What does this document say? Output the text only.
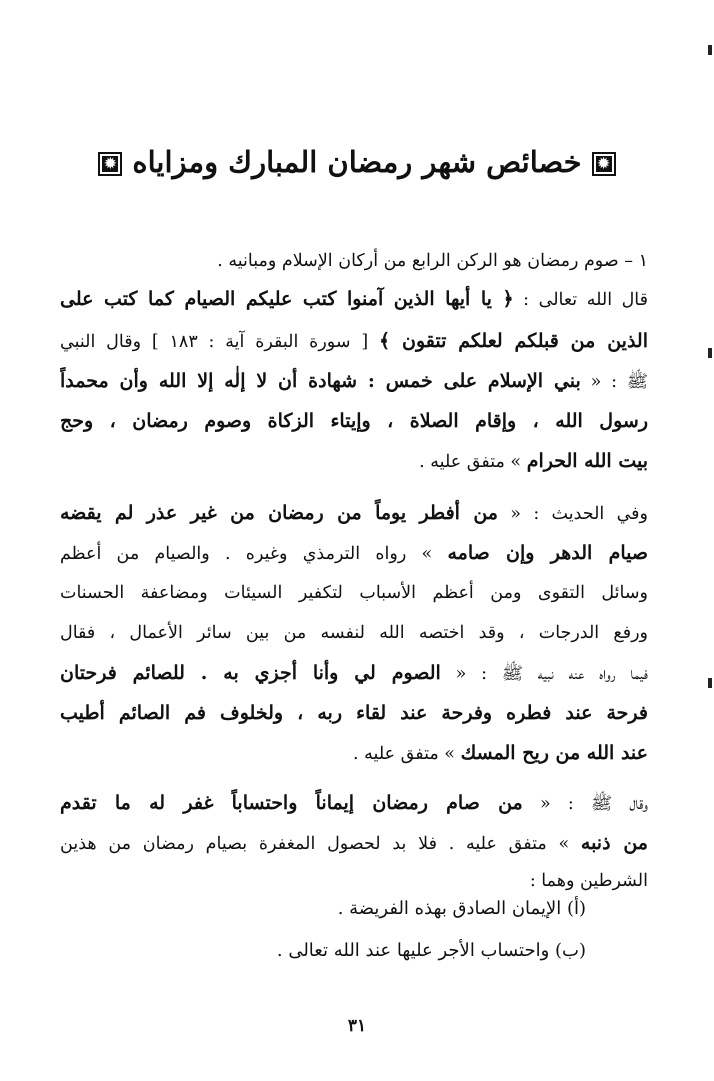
✹خصائص شهر رمضان المبارك ومزاياه✹
١ – صوم رمضان هو الركن الرابع من أركان الإسلام ومبانيه .
قال الله تعالى : ﴿ يا أيها الذين آمنوا كتب عليكم الصيام كما كتب على
الذين من قبلكم لعلكم تتقون ﴾ [ سورة البقرة آية : ١٨٣ ] وقال النبي
ﷺ : « بني الإسلام على خمس : شهادة أن لا إلٰه إلا الله وأن محمداً
رسول الله ، وإقام الصلاة ، وإيتاء الزكاة وصوم رمضان ، وحج
بيت الله الحرام » متفق عليه .
وفي الحديث : « من أفطر يوماً من رمضان من غير عذر لم يقضه
صيام الدهر وإن صامه » رواه الترمذي وغيره . والصيام من أعظم
وسائل التقوى ومن أعظم الأسباب لتكفير السيئات ومضاعفة الحسنات
ورفع الدرجات ، وقد اختصه الله لنفسه من بين سائر الأعمال ، فقال
فيما رواه عنه نبيه ﷺ : « الصوم لي وأنا أجزي به . للصائم فرحتان
فرحة عند فطره وفرحة عند لقاء ربه ، ولخلوف فم الصائم أطيب
عند الله من ريح المسك » متفق عليه .
وقال ﷺ : « من صام رمضان إيماناً واحتساباً غفر له ما تقدم
من ذنبه » متفق عليه . فلا بد لحصول المغفرة بصيام رمضان من هذين
الشرطين وهما :
(أ) الإيمان الصادق بهذه الفريضة .
(ب) واحتساب الأجر عليها عند الله تعالى .
٣١
